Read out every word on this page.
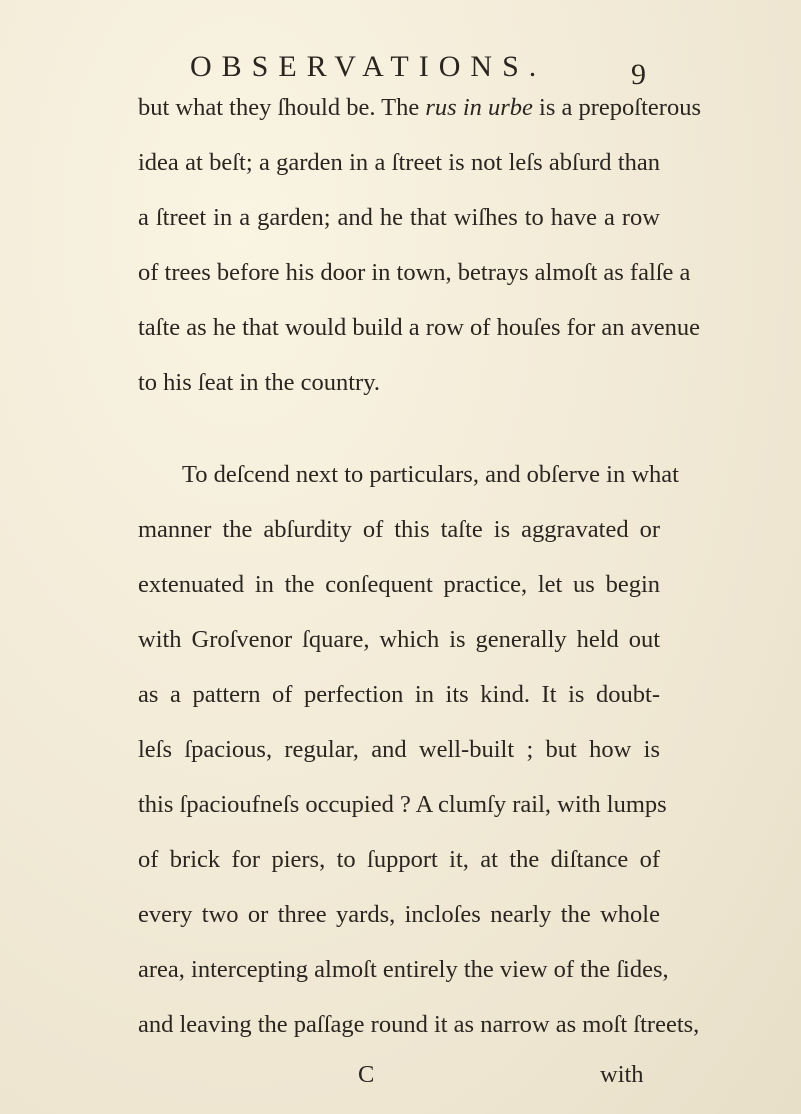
OBSERVATIONS.	9
but what they ſhould be. The rus in urbe is a prepoſterous
idea at beſt; a garden in a ſtreet is not leſs abſurd than
a ſtreet in a garden; and he that wiſhes to have a row
of trees before his door in town, betrays almoſt as falſe a
taſte as he that would build a row of houſes for an avenue
to his ſeat in the country.
To deſcend next to particulars, and obſerve in what
manner the abſurdity of this taſte is aggravated or
extenuated in the conſequent practice, let us begin
with Groſvenor ſquare, which is generally held out
as a pattern of perfection in its kind. It is doubt-
leſs ſpacious, regular, and well-built ; but how is
this ſpacioufneſs occupied ? A clumſy rail, with lumps
of brick for piers, to ſupport it, at the diſtance of
every two or three yards, incloſes nearly the whole
area, intercepting almoſt entirely the view of the ſides,
and leaving the paſſage round it as narrow as moſt ſtreets,
C	with
